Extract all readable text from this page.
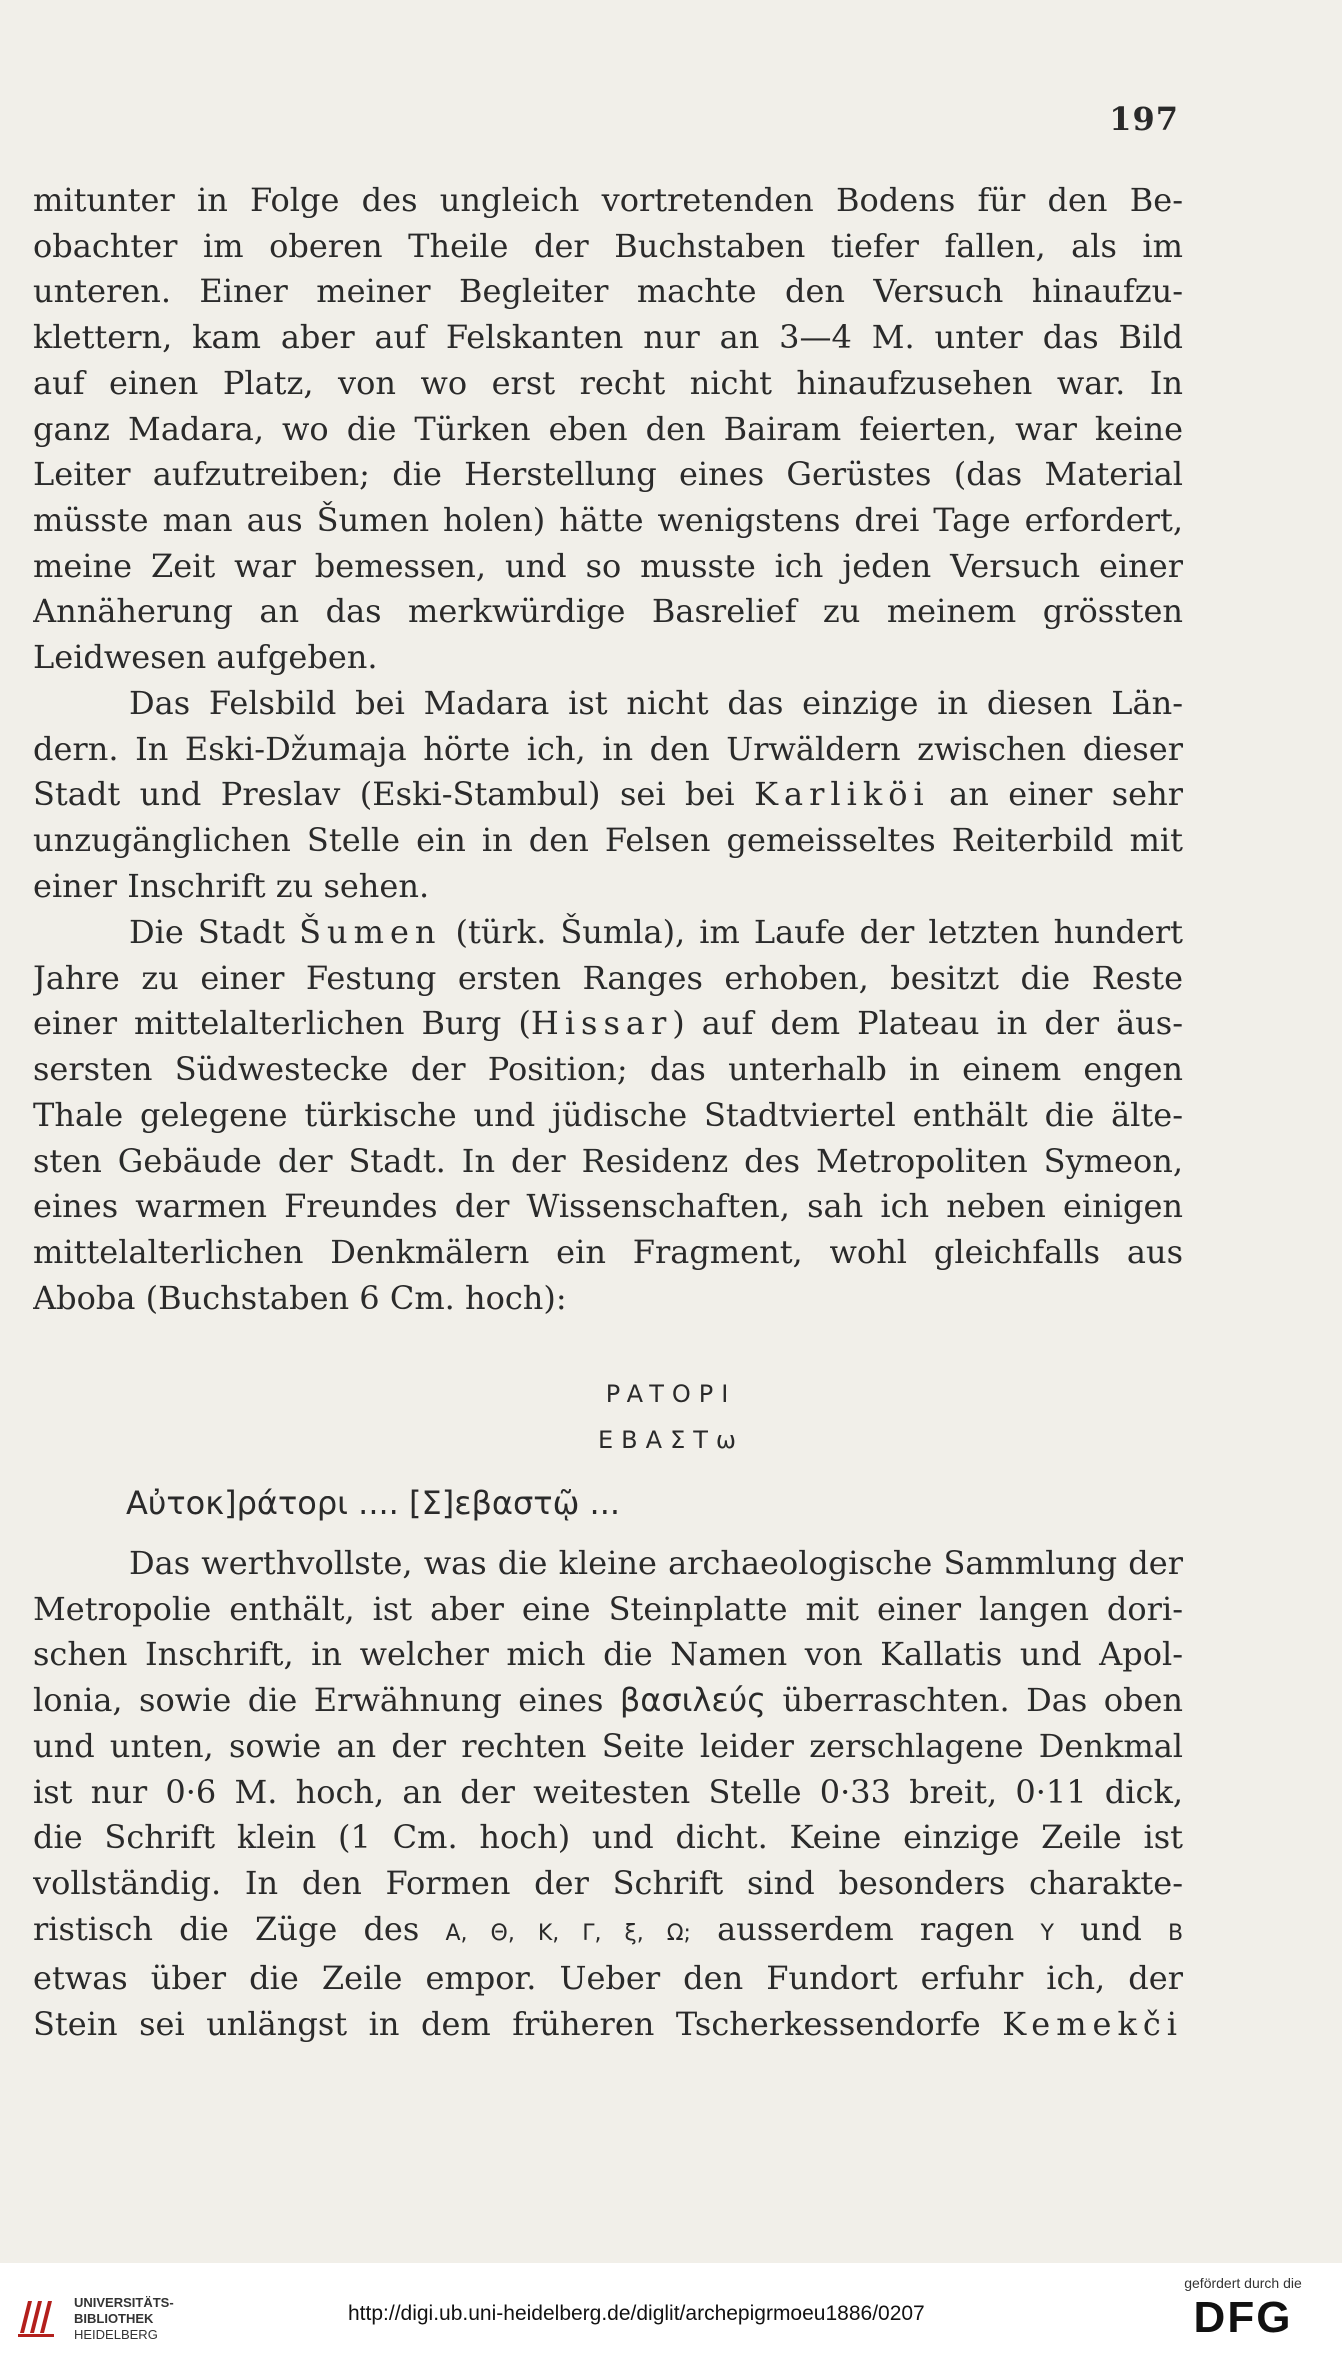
197
mitunter in Folge des ungleich vortretenden Bodens für den Be-
obachter im oberen Theile der Buchstaben tiefer fallen, als im
unteren. Einer meiner Begleiter machte den Versuch hinaufzu-
klettern, kam aber auf Felskanten nur an 3—4 M. unter das Bild
auf einen Platz, von wo erst recht nicht hinaufzusehen war. In
ganz Madara, wo die Türken eben den Bairam feierten, war keine
Leiter aufzutreiben; die Herstellung eines Gerüstes (das Material
müsste man aus Šumen holen) hätte wenigstens drei Tage erfordert,
meine Zeit war bemessen, und so musste ich jeden Versuch einer
Annäherung an das merkwürdige Basrelief zu meinem grössten
Leidwesen aufgeben.
Das Felsbild bei Madara ist nicht das einzige in diesen Län-
dern. In Eski-Džumaja hörte ich, in den Urwäldern zwischen dieser
Stadt und Preslav (Eski-Stambul) sei bei Karliköi an einer sehr
unzugänglichen Stelle ein in den Felsen gemeisseltes Reiterbild mit
einer Inschrift zu sehen.
Die Stadt Šumen (türk. Šumla), im Laufe der letzten hundert
Jahre zu einer Festung ersten Ranges erhoben, besitzt die Reste
einer mittelalterlichen Burg (Hissar) auf dem Plateau in der äus-
sersten Südwestecke der Position; das unterhalb in einem engen
Thale gelegene türkische und jüdische Stadtviertel enthält die älte-
sten Gebäude der Stadt. In der Residenz des Metropoliten Symeon,
eines warmen Freundes der Wissenschaften, sah ich neben einigen
mittelalterlichen Denkmälern ein Fragment, wohl gleichfalls aus
Aboba (Buchstaben 6 Cm. hoch):
PATOPI
EBAΣTω
Αὐτοκ]ράτορι .... [Σ]εβαστῷ ...
Das werthvollste, was die kleine archaeologische Sammlung der
Metropolie enthält, ist aber eine Steinplatte mit einer langen dori-
schen Inschrift, in welcher mich die Namen von Kallatis und Apol-
lonia, sowie die Erwähnung eines βασιλεύς überraschten. Das oben
und unten, sowie an der rechten Seite leider zerschlagene Denkmal
ist nur 0·6 M. hoch, an der weitesten Stelle 0·33 breit, 0·11 dick,
die Schrift klein (1 Cm. hoch) und dicht. Keine einzige Zeile ist
vollständig. In den Formen der Schrift sind besonders charakte-
ristisch die Züge des A, Θ, K, Γ, ξ, Ω; ausserdem ragen Y und B
etwas über die Zeile empor. Ueber den Fundort erfuhr ich, der
Stein sei unlängst in dem früheren Tscherkessendorfe Kemekči
UNIVERSITÄTS-
BIBLIOTHEK
HEIDELBERG
http://digi.ub.uni-heidelberg.de/diglit/archepigrmoeu1886/0207
gefördert durch die
DFG
